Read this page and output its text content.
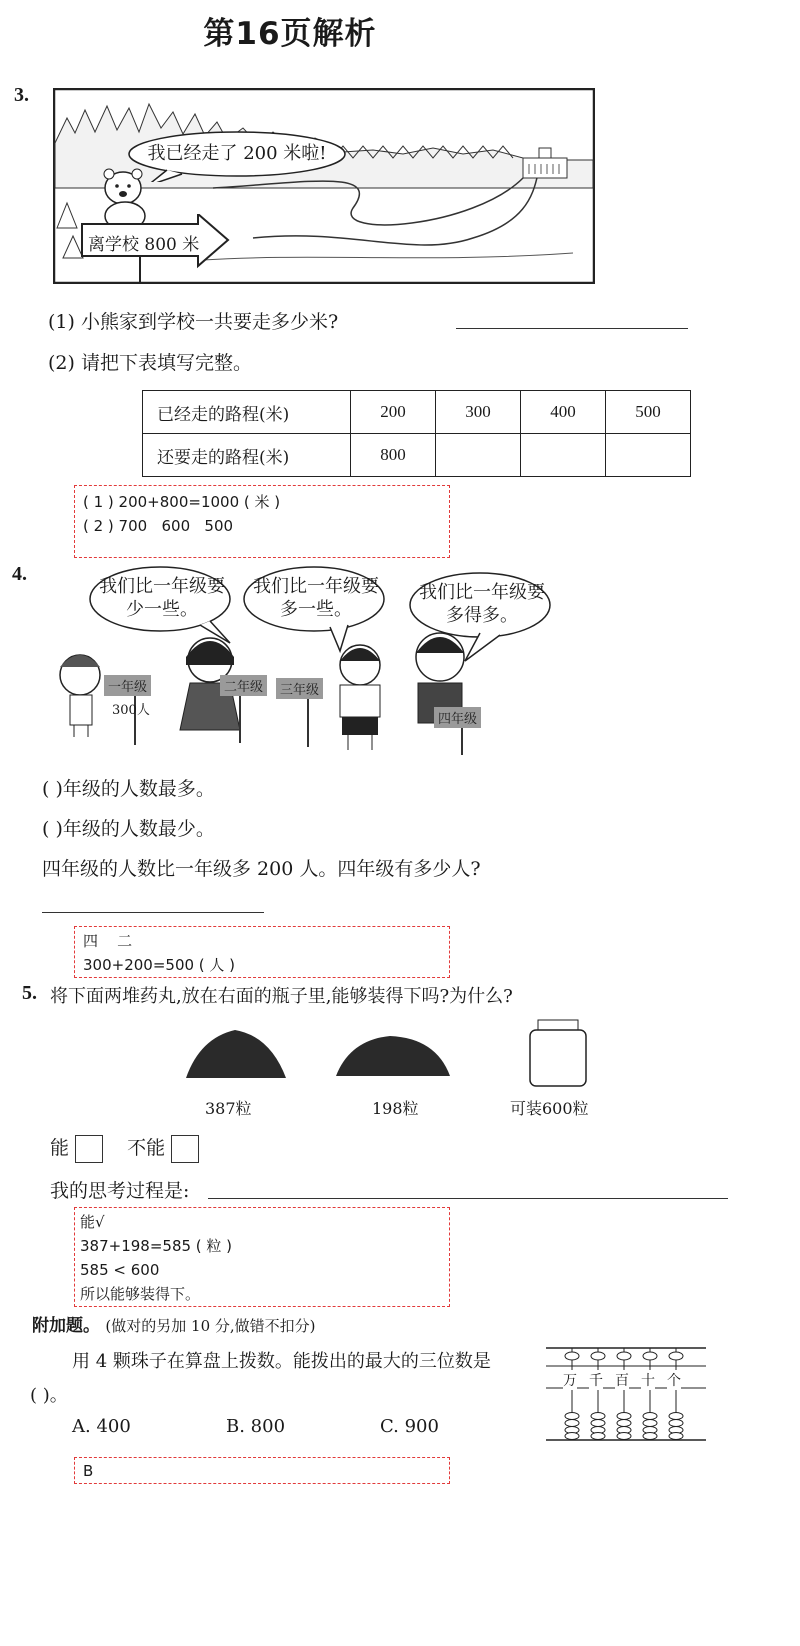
第16页解析
3.
我已经走了 200 米啦!
离学校 800 米
(1) 小熊家到学校一共要走多少米?
(2) 请把下表填写完整。
已经走的路程(米)	200	300	400	500
还要走的路程(米)	800			
( 1 ) 200+800=1000 ( 米 )
( 2 ) 700   600   500
4.
我们比一年级要少一些。
我们比一年级要多一些。
我们比一年级要多得多。
一年级
300人
二年级	三年级
四年级
( )年级的人数最多。
( )年级的人数最少。
四年级的人数比一年级多 200 人。四年级有多少人?
四    二
300+200=500 ( 人 )
5. 将下面两堆药丸,放在右面的瓶子里,能够装得下吗?为什么?
387粒	198粒	可装600粒
能	不能
我的思考过程是:
能√
387+198=585 ( 粒 )
585 < 600
所以能够装得下。
附加题。 (做对的另加 10 分,做错不扣分)
用 4 颗珠子在算盘上拨数。能拨出的最大的三位数是
( )。
A. 400	B. 800	C. 900
万 千 百 十 个
B
